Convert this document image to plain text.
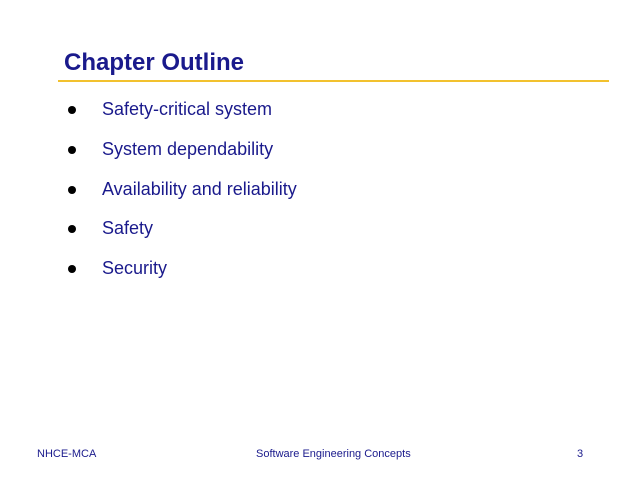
Chapter Outline
Safety-critical system
System dependability
Availability and reliability
Safety
Security
NHCE-MCA	Software Engineering Concepts	3
